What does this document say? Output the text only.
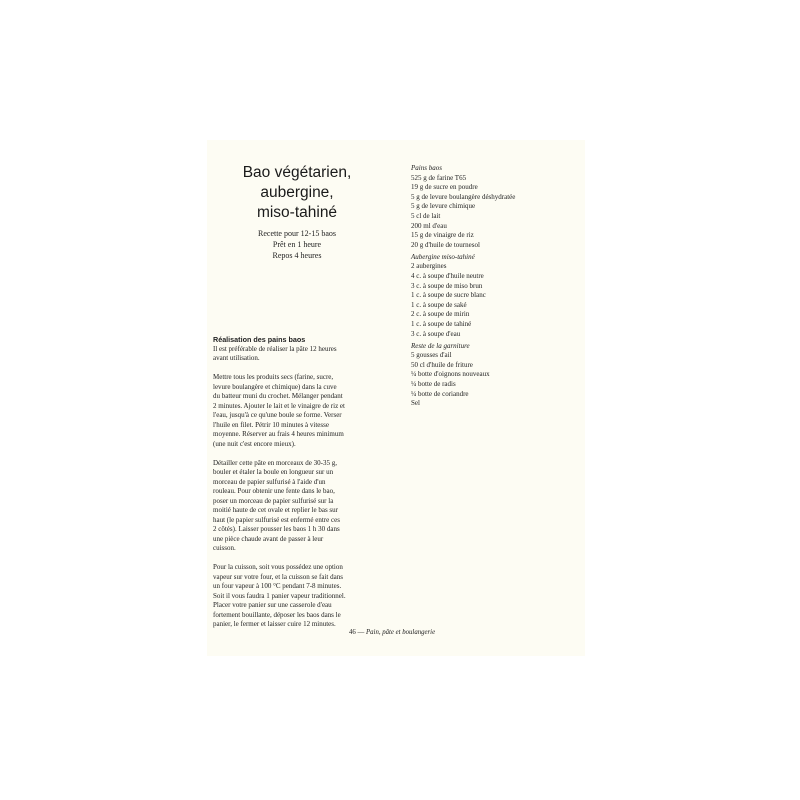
Bao végétarien,
aubergine,
miso-tahiné
Recette pour 12-15 baos
Prêt en 1 heure
Repos 4 heures
Réalisation des pains baos
Il est préférable de réaliser la pâte 12 heures
avant utilisation.
Mettre tous les produits secs (farine, sucre,
levure boulangère et chimique) dans la cuve
du batteur muni du crochet. Mélanger pendant
2 minutes. Ajouter le lait et le vinaigre de riz et
l'eau, jusqu'à ce qu'une boule se forme. Verser
l'huile en filet. Pétrir 10 minutes à vitesse
moyenne. Réserver au frais 4 heures minimum
(une nuit c'est encore mieux).
Détailler cette pâte en morceaux de 30-35 g,
bouler et étaler la boule en longueur sur un
morceau de papier sulfurisé à l'aide d'un
rouleau. Pour obtenir une fente dans le bao,
poser un morceau de papier sulfurisé sur la
moitié haute de cet ovale et replier le bas sur
haut (le papier sulfurisé est enfermé entre ces
2 côtés). Laisser pousser les baos 1 h 30 dans
une pièce chaude avant de passer à leur
cuisson.
Pour la cuisson, soit vous possédez une option
vapeur sur votre four, et la cuisson se fait dans
un four vapeur à 100 °C pendant 7-8 minutes.
Soit il vous faudra 1 panier vapeur traditionnel.
Placer votre panier sur une casserole d'eau
fortement bouillante, déposer les baos dans le
panier, le fermer et laisser cuire 12 minutes.
Pains baos
525 g de farine T65
19 g de sucre en poudre
5 g de levure boulangère déshydratée
5 g de levure chimique
5 cl de lait
200 ml d'eau
15 g de vinaigre de riz
20 g d'huile de tournesol
Aubergine miso-tahiné
2 aubergines
4 c. à soupe d'huile neutre
3 c. à soupe de miso brun
1 c. à soupe de sucre blanc
1 c. à soupe de saké
2 c. à soupe de mirin
1 c. à soupe de tahiné
3 c. à soupe d'eau
Reste de la garniture
5 gousses d'ail
50 cl d'huile de friture
¼ botte d'oignons nouveaux
¼ botte de radis
¼ botte de coriandre
Sel
46 — Pain, pâte et boulangerie
